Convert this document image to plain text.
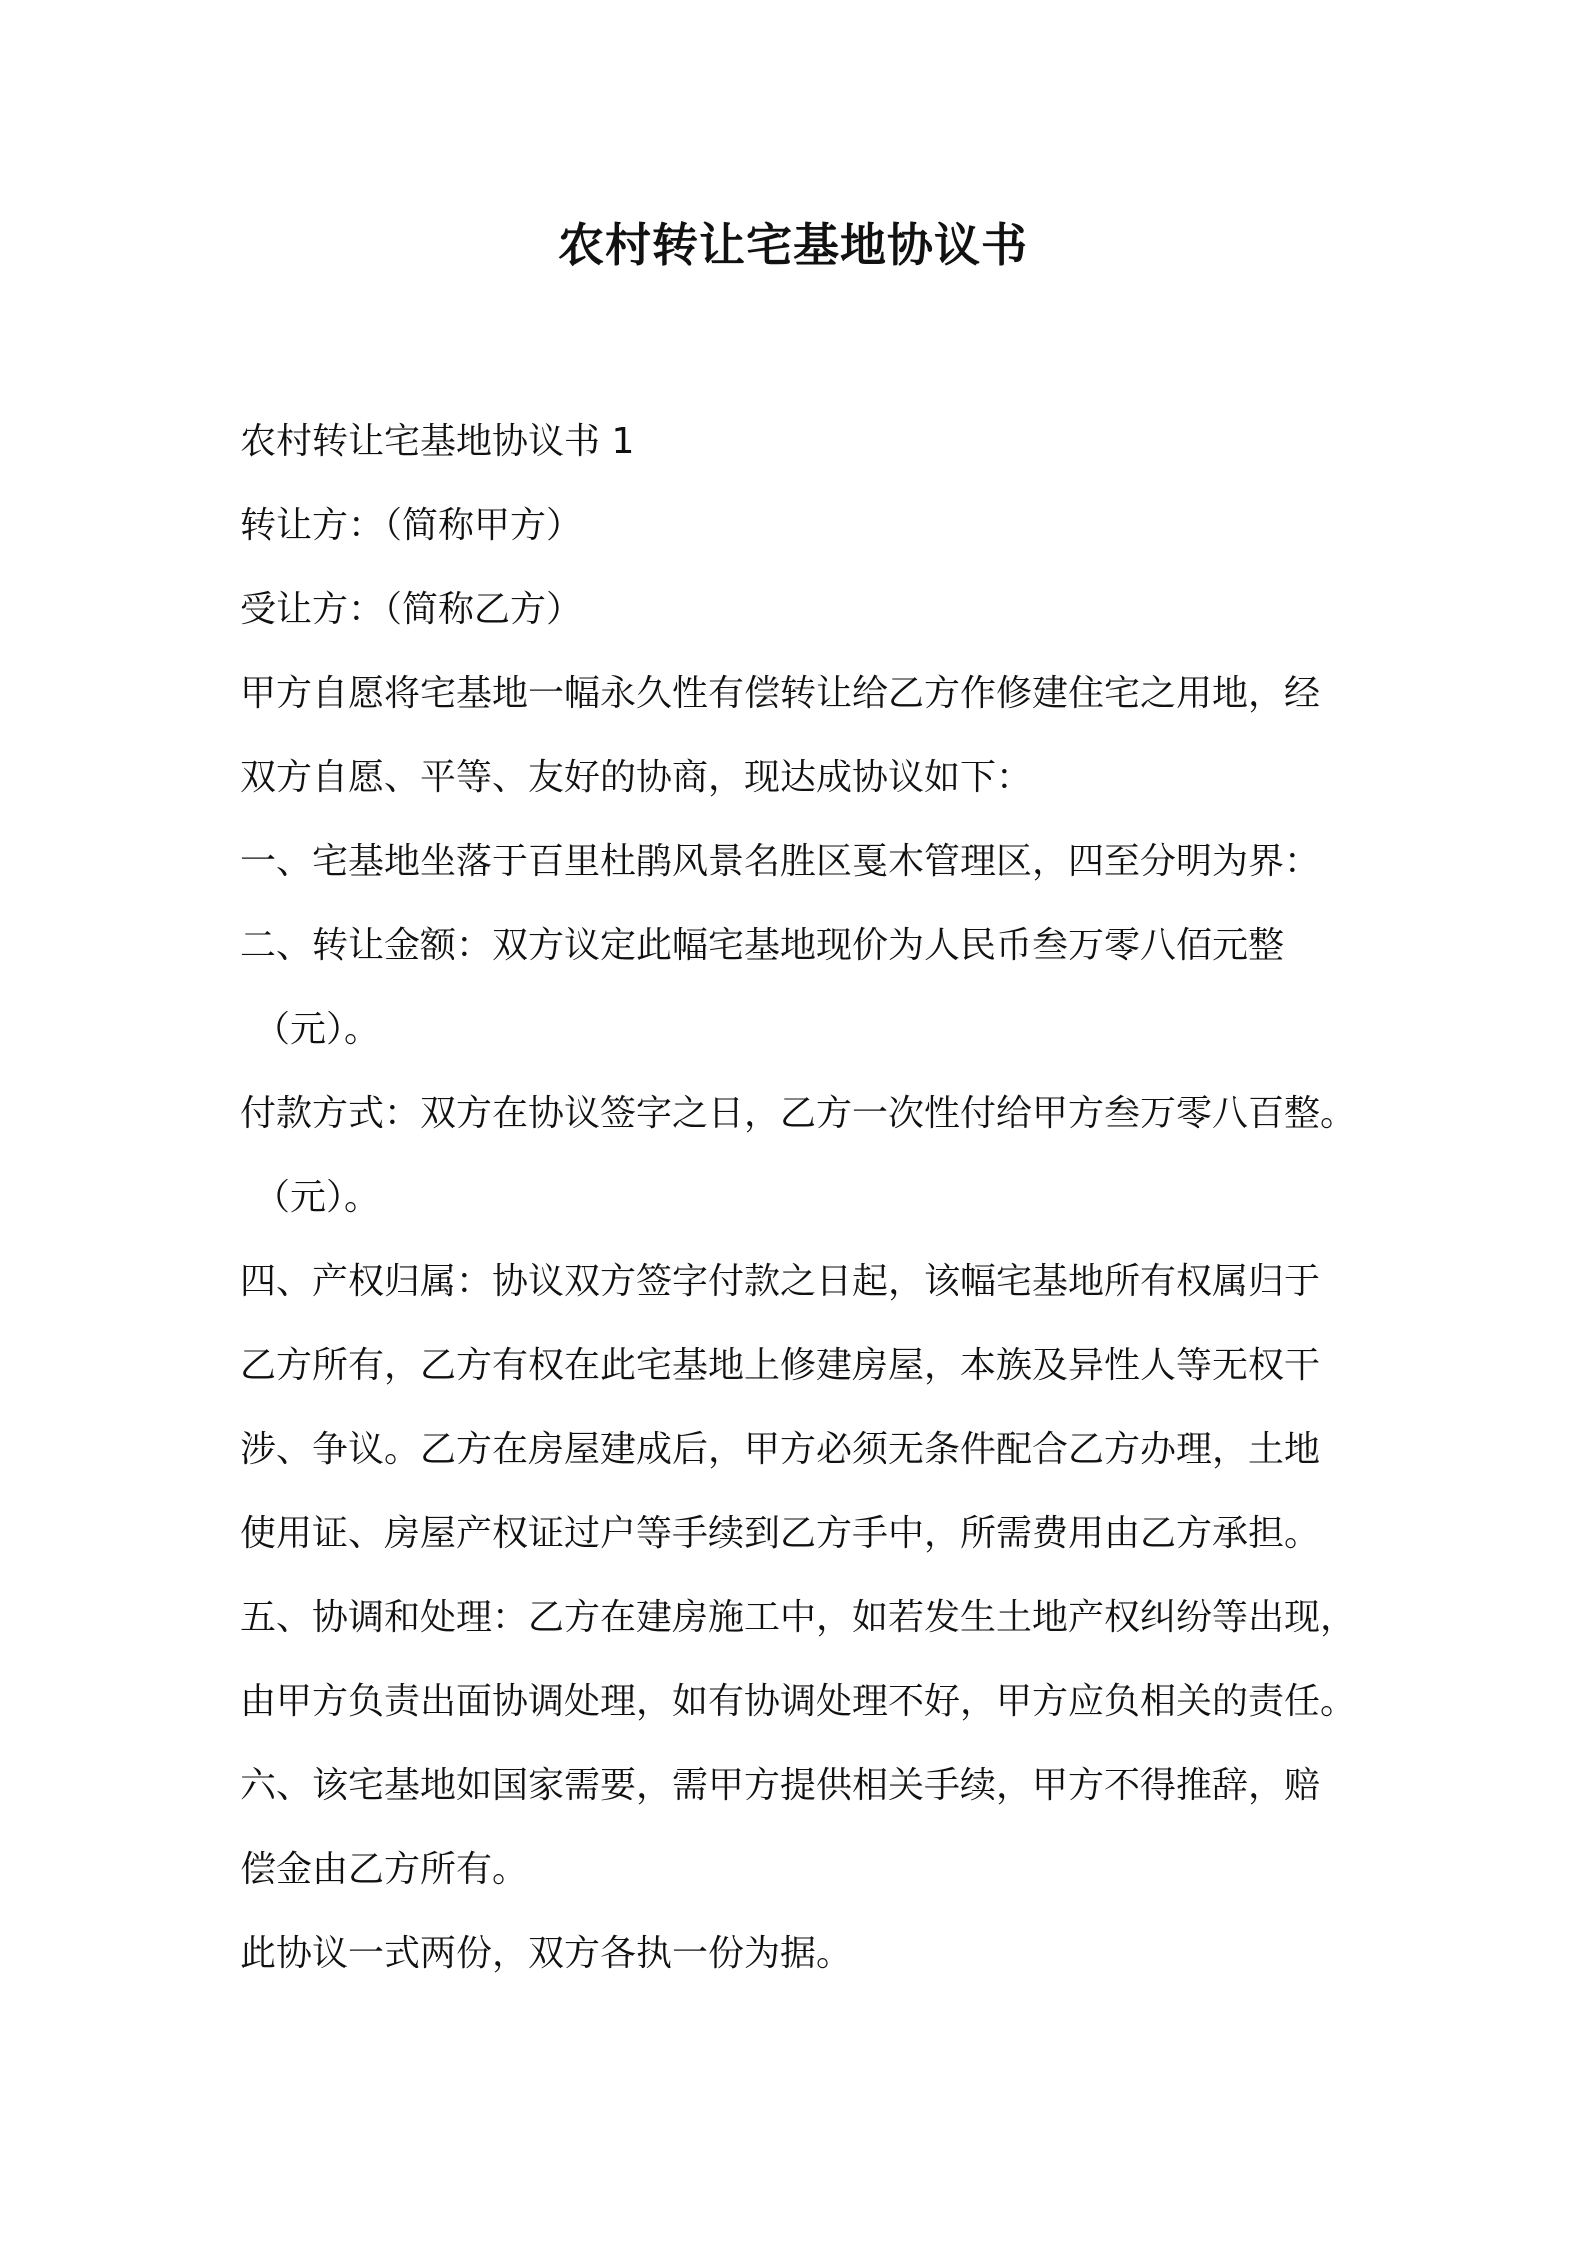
农村转让宅基地协议书

农村转让宅基地协议书 1

转让方：（简称甲方）

受让方：（简称乙方）

甲方自愿将宅基地一幅永久性有偿转让给乙方作修建住宅之用地，经

双方自愿、平等、友好的协商，现达成协议如下：

一、宅基地坐落于百里杜鹃风景名胜区戛木管理区，四至分明为界：

二、转让金额：双方议定此幅宅基地现价为人民币叁万零八佰元整

（元）。

付款方式：双方在协议签字之日，乙方一次性付给甲方叁万零八百整。

（元）。

四、产权归属：协议双方签字付款之日起，该幅宅基地所有权属归于

乙方所有，乙方有权在此宅基地上修建房屋，本族及异性人等无权干

涉、争议。乙方在房屋建成后，甲方必须无条件配合乙方办理，土地

使用证、房屋产权证过户等手续到乙方手中，所需费用由乙方承担。

五、协调和处理：乙方在建房施工中，如若发生土地产权纠纷等出现，

由甲方负责出面协调处理，如有协调处理不好，甲方应负相关的责任。

六、该宅基地如国家需要，需甲方提供相关手续，甲方不得推辞，赔

偿金由乙方所有。

此协议一式两份，双方各执一份为据。
